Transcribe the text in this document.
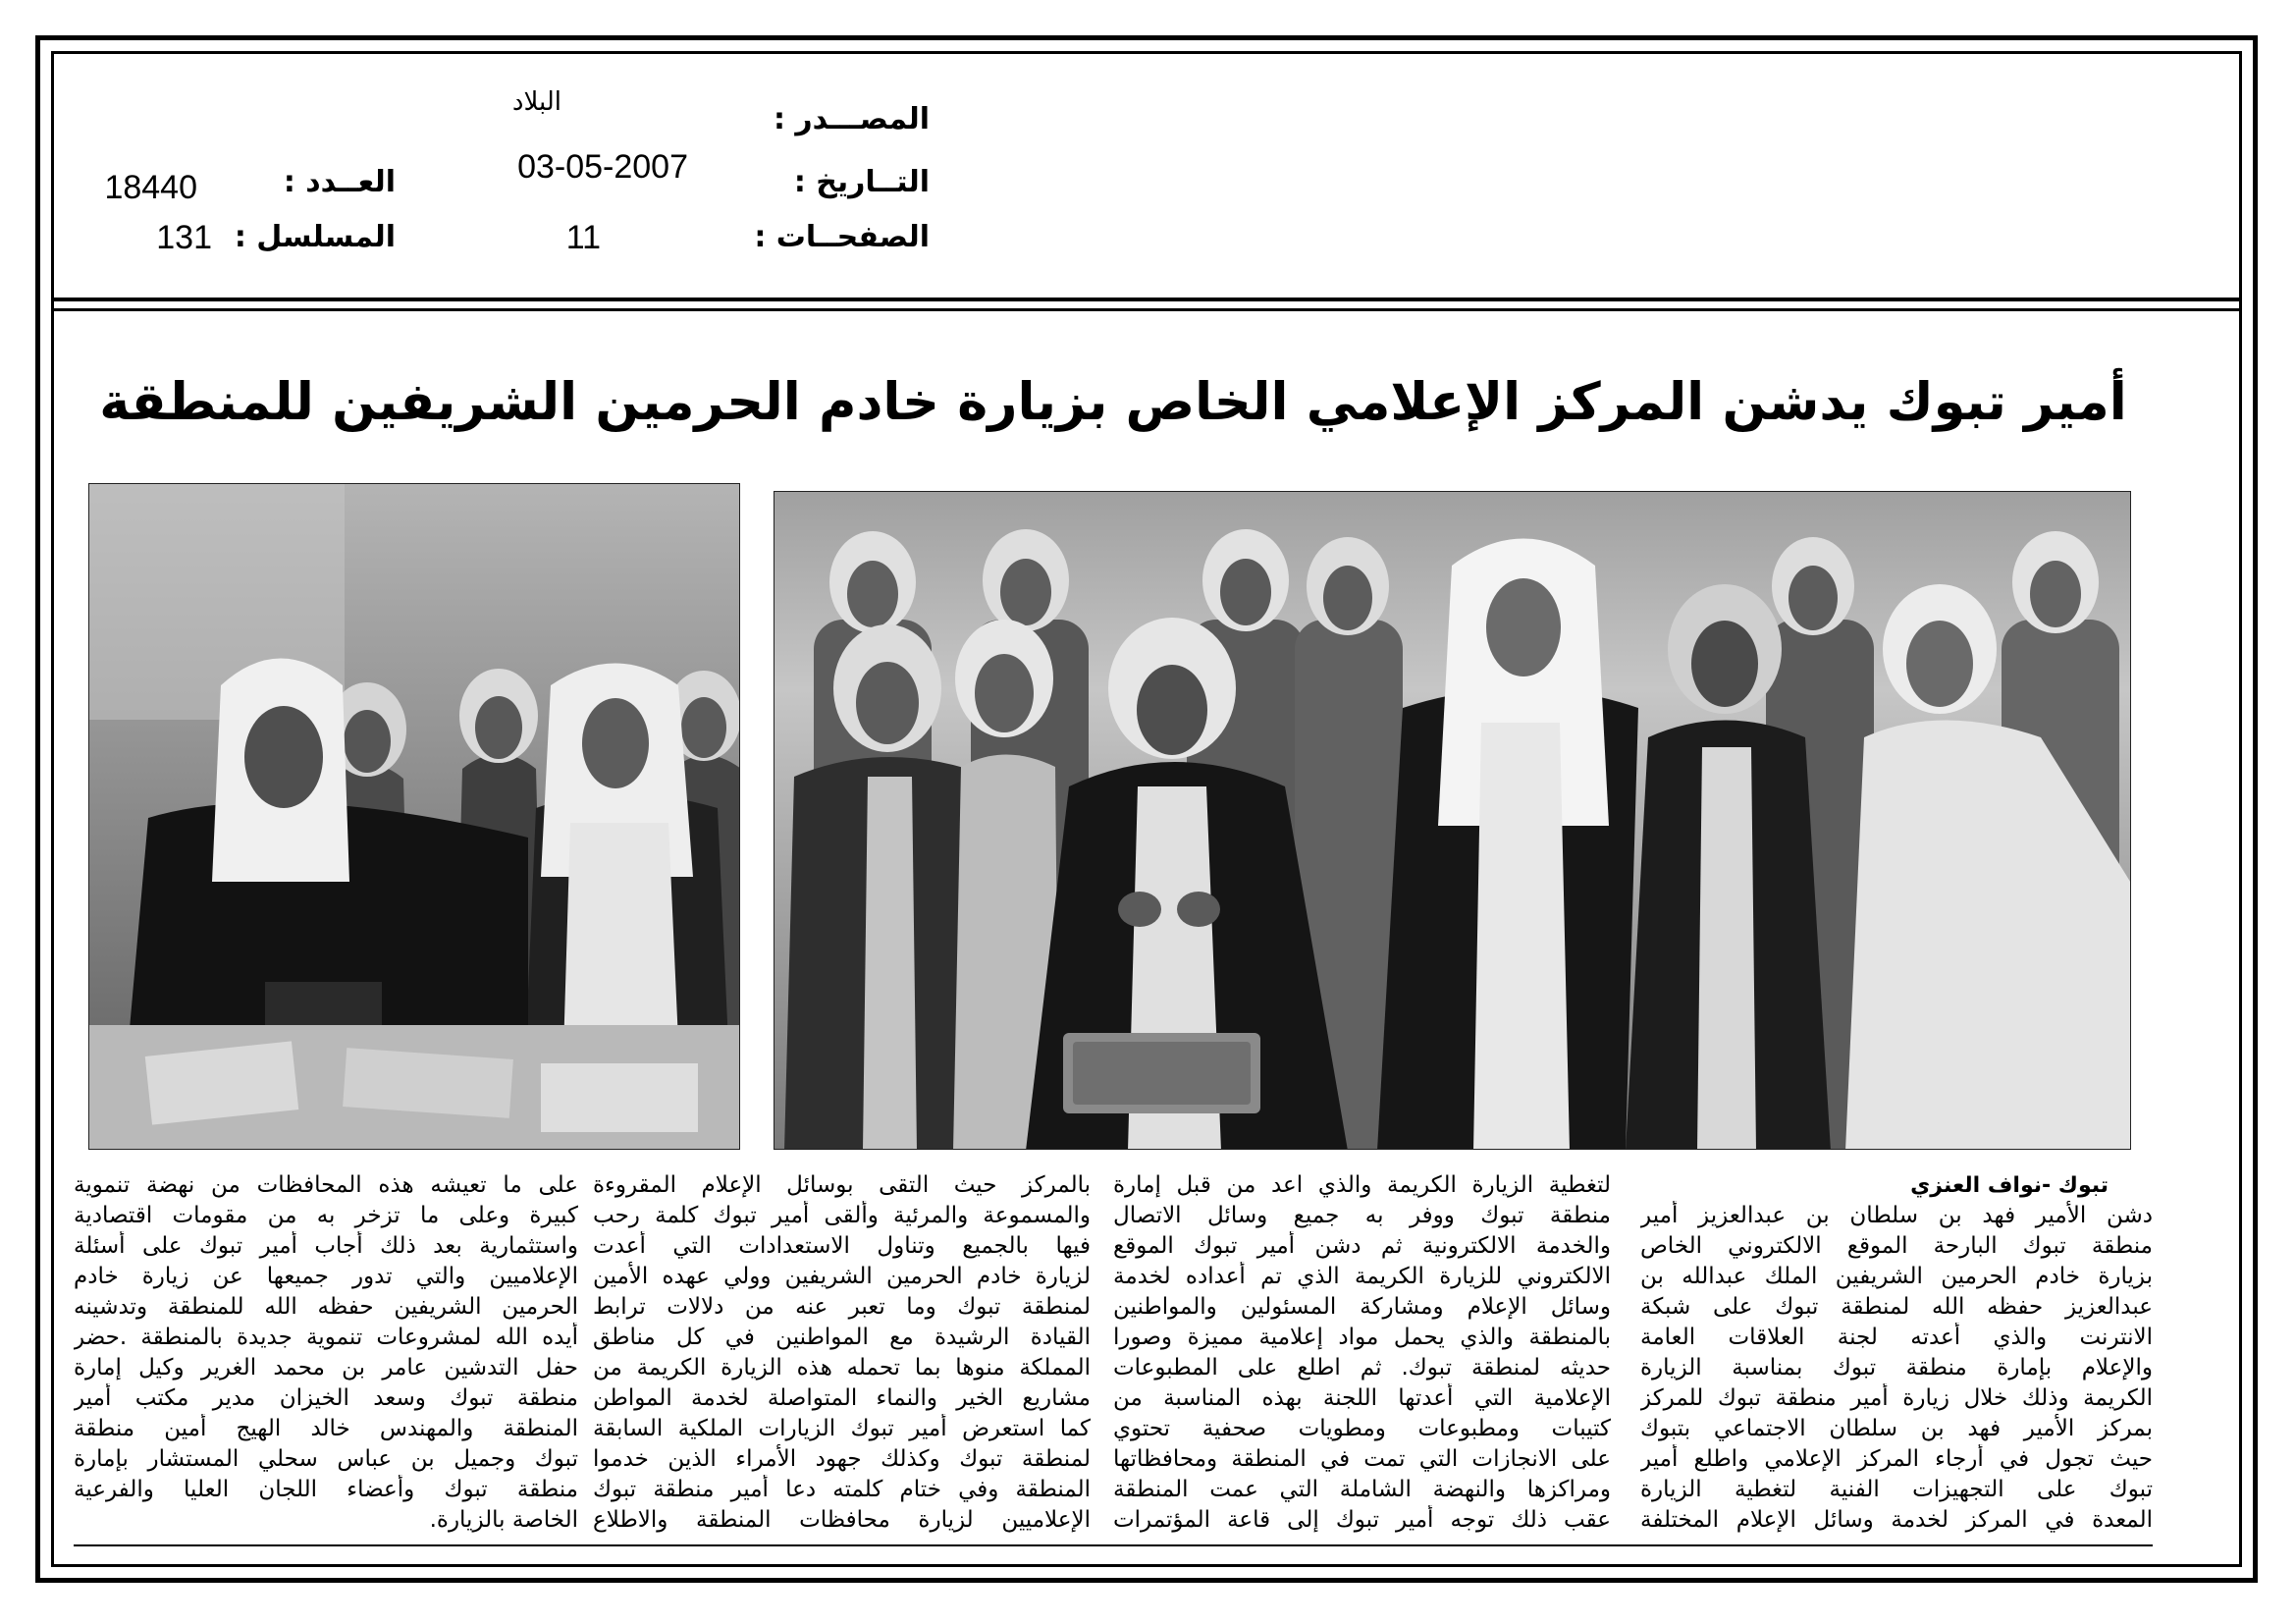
البلاد	المصـــدر :
03-05-2007	التــاريخ :
11	الصفحــات :
العــدد :
18440
المسلسل :
131
أمير تبوك يدشن المركز الإعلامي الخاص بزيارة خادم الحرمين الشريفين للمنطقة
تبوك -نواف العنزي
دشن الأمير فهد بن سلطان بن عبدالعزيز أمير
منطقة تبوك البارحة الموقع الالكتروني الخاص
بزيارة خادم الحرمين الشريفين الملك عبدالله بن
عبدالعزيز حفظه الله لمنطقة تبوك على شبكة
الانترنت والذي أعدته لجنة العلاقات العامة
والإعلام بإمارة منطقة تبوك بمناسبة الزيارة
الكريمة وذلك خلال زيارة أمير منطقة تبوك للمركز
بمركز الأمير فهد بن سلطان الاجتماعي بتبوك
حيث تجول في أرجاء المركز الإعلامي واطلع أمير
تبوك على التجهيزات الفنية لتغطية الزيارة
المعدة في المركز لخدمة وسائل الإعلام المختلفة
لتغطية الزيارة الكريمة والذي اعد من قبل إمارة
منطقة تبوك ووفر به جميع وسائل الاتصال
والخدمة الالكترونية ثم دشن أمير تبوك الموقع
الالكتروني للزيارة الكريمة الذي تم أعداده لخدمة
وسائل الإعلام ومشاركة المسئولين والمواطنين
بالمنطقة والذي يحمل مواد إعلامية مميزة وصورا
حديثه لمنطقة تبوك. ثم اطلع على المطبوعات
الإعلامية التي أعدتها اللجنة بهذه المناسبة من
كتيبات ومطبوعات ومطويات صحفية تحتوي
على الانجازات التي تمت في المنطقة ومحافظاتها
ومراكزها والنهضة الشاملة التي عمت المنطقة
عقب ذلك توجه أمير تبوك إلى قاعة المؤتمرات
بالمركز حيث التقى بوسائل الإعلام المقروءة
والمسموعة والمرئية وألقى أمير تبوك كلمة رحب
فيها بالجميع وتناول الاستعدادات التي أعدت
لزيارة خادم الحرمين الشريفين وولي عهده الأمين
لمنطقة تبوك وما تعبر عنه من دلالات ترابط
القيادة الرشيدة مع المواطنين في كل مناطق
المملكة منوها بما تحمله هذه الزيارة الكريمة من
مشاريع الخير والنماء المتواصلة لخدمة المواطن
كما استعرض أمير تبوك الزيارات الملكية السابقة
لمنطقة تبوك وكذلك جهود الأمراء الذين خدموا
المنطقة وفي ختام كلمته دعا أمير منطقة تبوك
الإعلاميين لزيارة محافظات المنطقة والاطلاع
على ما تعيشه هذه المحافظات من نهضة تنموية
كبيرة وعلى ما تزخر به من مقومات اقتصادية
واستثمارية بعد ذلك أجاب أمير تبوك على أسئلة
الإعلاميين والتي تدور جميعها عن زيارة خادم
الحرمين الشريفين حفظه الله للمنطقة وتدشينه
أيده الله لمشروعات تنموية جديدة بالمنطقة .حضر
حفل التدشين عامر بن محمد الغرير وكيل إمارة
منطقة تبوك وسعد الخيزان مدير مكتب أمير
المنطقة والمهندس خالد الهيج أمين منطقة
تبوك وجميل بن عباس سحلي المستشار بإمارة
منطقة تبوك وأعضاء اللجان العليا والفرعية
الخاصة بالزيارة.
